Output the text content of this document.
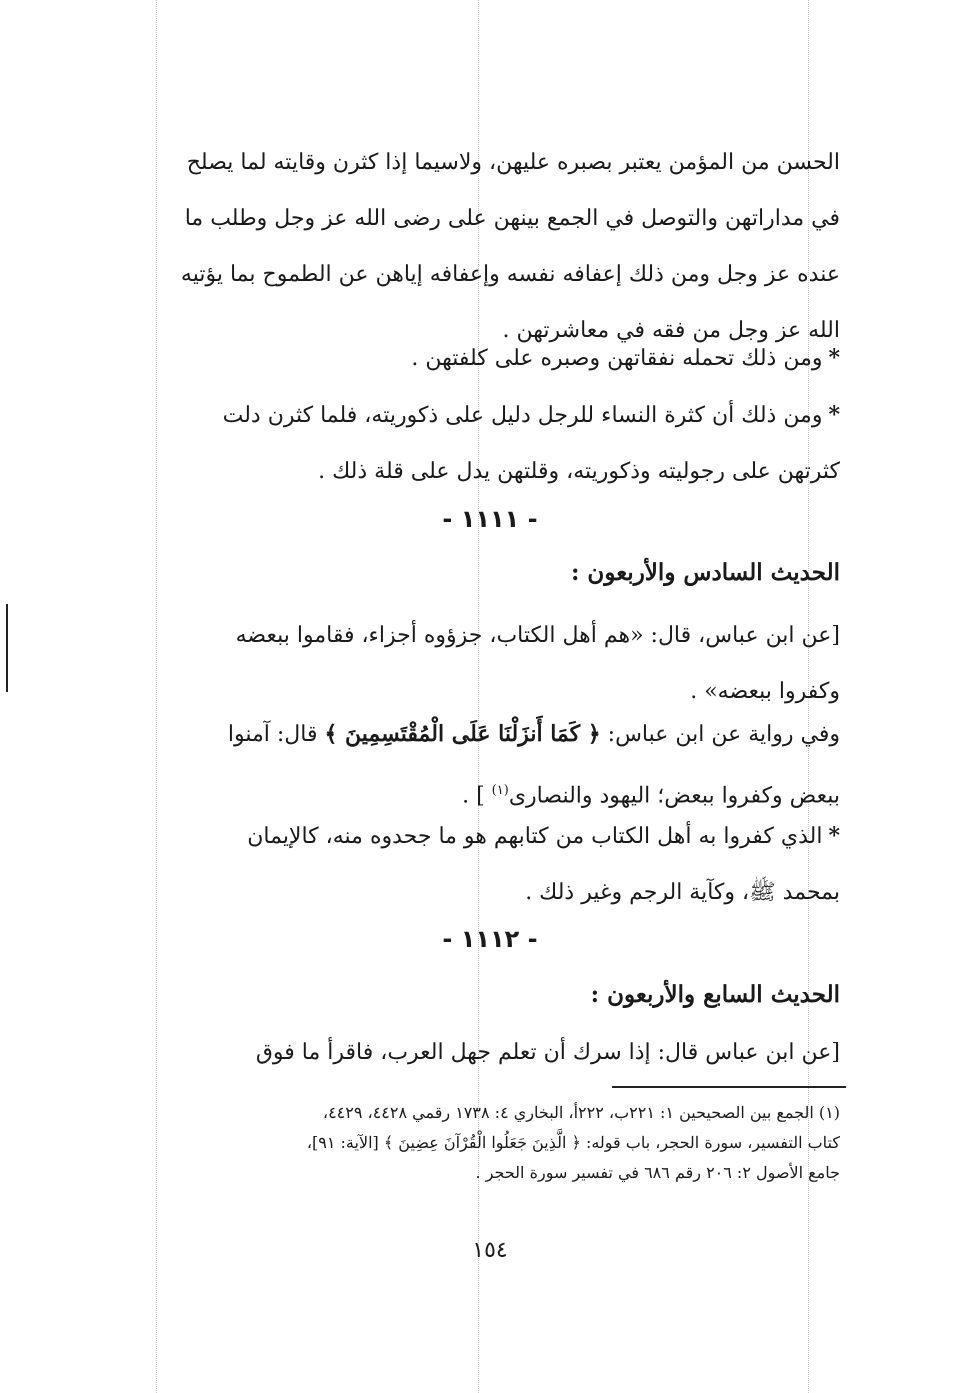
الحسن من المؤمن يعتبر بصبره عليهن، ولاسيما إذا كثرن وقايته لما يصلح
في مداراتهن والتوصل في الجمع بينهن على رضى الله عز وجل وطلب ما
عنده عز وجل ومن ذلك إعفافه نفسه وإعفافه إياهن عن الطموح بما يؤتيه
الله عز وجل من فقه في معاشرتهن .
*ومن ذلك تحمله نفقاتهن وصبره على كلفتهن .
*ومن ذلك أن كثرة النساء للرجل دليل على ذكوريته، فلما كثرن دلت
كثرتهن على رجوليته وذكوريته، وقلتهن يدل على قلة ذلك .
- ١١١١ -
الحديث السادس والأربعون :
[عن ابن عباس، قال: «هم أهل الكتاب، جزؤوه أجزاء، فقاموا ببعضه
وكفروا ببعضه» .
وفي رواية عن ابن عباس: ﴿ كَمَا أَنزَلْنَا عَلَى الْمُقْتَسِمِينَ ﴾ قال: آمنوا
ببعض وكفروا ببعض؛ اليهود والنصارى$^{(١)}$ ] .
*الذي كفروا به أهل الكتاب من كتابهم هو ما جحدوه منه، كالإيمان
بمحمد ﷺ، وكآية الرجم وغير ذلك .
- ١١١٢ -
الحديث السابع والأربعون :
[عن ابن عباس قال: إذا سرك أن تعلم جهل العرب، فاقرأ ما فوق
(١) الجمع بين الصحيحين ١: ٢٢١ب، ٢٢٢أ، البخاري ٤: ١٧٣٨ رقمي ٤٤٢٨، ٤٤٢٩،
كتاب التفسير، سورة الحجر، باب قوله: ﴿ الَّذِينَ جَعَلُوا الْقُرْآنَ عِضِينَ ﴾ [الآية: ٩١]،
جامع الأصول ٢: ٢٠٦ رقم ٦٨٦ في تفسير سورة الحجر .
١٥٤
